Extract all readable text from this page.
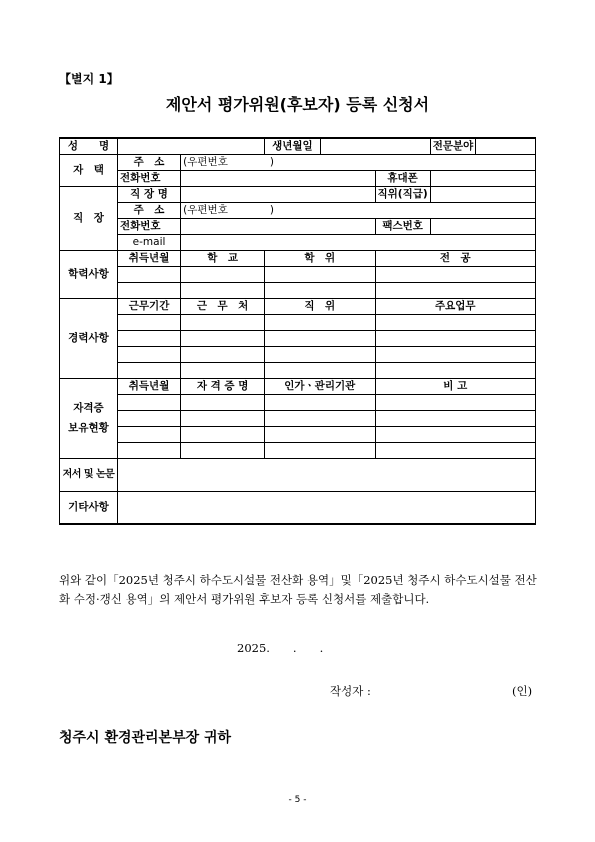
【별지 1】
제안서 평가위원(후보자) 등록 신청서
성　　명			생년월일			전문분야	
자　택	주　소	(우편번호　　　　)					
	전화번호				휴대폰		
직　장	직 장 명				직위(직급)		
	주　소	(우편번호　　　　)					
	전화번호				팩스번호		
	e-mail						
학력사항	취득년월	학　교	학　위		전　공		

경력사항	근무기간	근　무　처	직　위		주요업무		

자격증
보유현황	취득년월	자 격 증 명	인가ㆍ관리기관		비 고		

저서 및 논문							
기타사항							
위와 같이「2025년 청주시 하수도시설물 전산화 용역」및「2025년 청주시 하수도시설물 전산화 수정·갱신 용역」의 제안서 평가위원 후보자 등록 신청서를 제출합니다.
2025.　　.　　.
작성자 :	(인)
청주시 환경관리본부장 귀하
- 5 -
